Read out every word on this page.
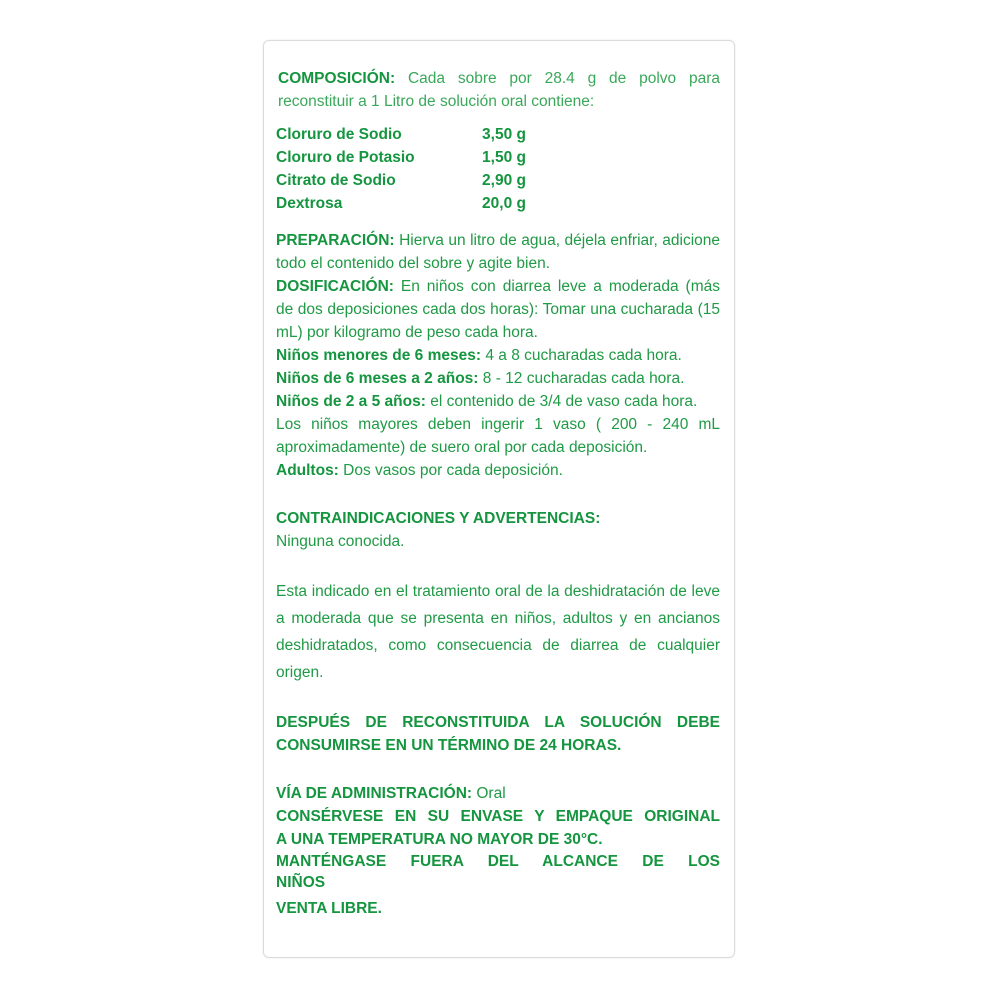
COMPOSICIÓN: Cada sobre por 28.4 g de polvo para

reconstituir a 1 Litro de solución oral contiene:

Cloruro de Sodio	3,50 g
Cloruro de Potasio	1,50 g
Citrato de Sodio	2,90 g
Dextrosa	20,0 g

PREPARACIÓN: Hierva un litro de agua, déjela enfriar, adicione todo el contenido del sobre y agite bien.

DOSIFICACIÓN: En niños con diarrea leve a moderada (más de dos deposiciones cada dos horas): Tomar una cucharada (15 mL) por kilogramo de peso cada hora.

Niños menores de 6 meses: 4 a 8 cucharadas cada hora.

Niños de 6 meses a 2 años: 8 - 12 cucharadas cada hora.

Niños de 2 a 5 años: el contenido de 3/4 de vaso cada hora.

Los niños mayores deben ingerir 1 vaso ( 200 - 240 mL aproximadamente) de suero oral por cada deposición.

Adultos: Dos vasos por cada deposición.

CONTRAINDICACIONES Y ADVERTENCIAS:

Ninguna conocida.

Esta indicado en el tratamiento oral de la deshidratación de leve a moderada que se presenta en niños, adultos y en ancianos deshidratados, como consecuencia de diarrea de cualquier origen.

DESPUÉS DE RECONSTITUIDA LA SOLUCIÓN DEBE

CONSUMIRSE EN UN TÉRMINO DE 24 HORAS.

VÍA DE ADMINISTRACIÓN: Oral

CONSÉRVESE EN SU ENVASE Y EMPAQUE ORIGINAL

A UNA TEMPERATURA NO MAYOR DE 30°C.

MANTÉNGASE FUERA DEL ALCANCE DE LOS

NIÑOS

VENTA LIBRE.
